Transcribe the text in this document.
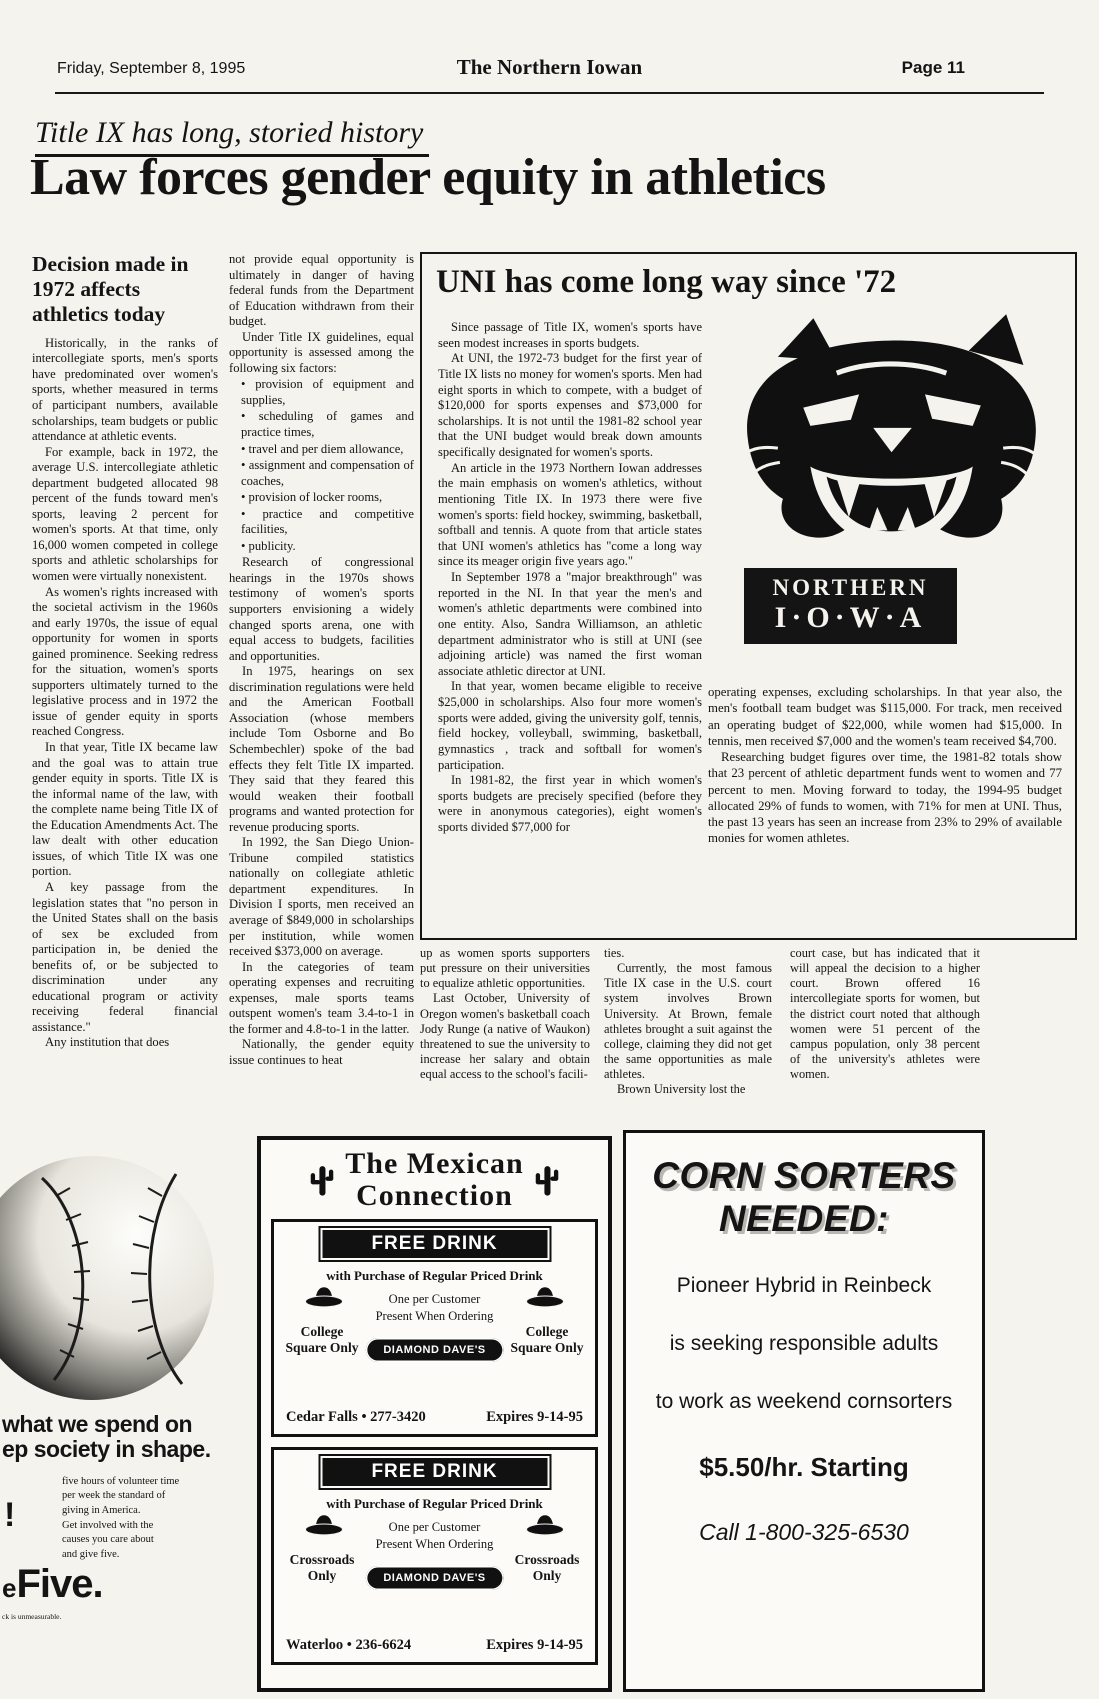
Friday, September 8, 1995	The Northern Iowan	Page 11
Title IX has long, storied history
Law forces gender equity in athletics
Decision made in 1972 affects athletics today

Historically, in the ranks of intercollegiate sports, men's sports have predominated over women's sports, whether measured in terms of participant numbers, available scholarships, team budgets or public attendance at athletic events.

For example, back in 1972, the average U.S. intercollegiate athletic department budgeted allocated 98 percent of the funds toward men's sports, leaving 2 percent for women's sports. At that time, only 16,000 women competed in college sports and athletic scholarships for women were virtually nonexistent.

As women's rights increased with the societal activism in the 1960s and early 1970s, the issue of equal opportunity for women in sports gained prominence. Seeking redress for the situation, women's sports supporters ultimately turned to the legislative process and in 1972 the issue of gender equity in sports reached Congress.

In that year, Title IX became law and the goal was to attain true gender equity in sports. Title IX is the informal name of the law, with the complete name being Title IX of the Education Amendments Act. The law dealt with other education issues, of which Title IX was one portion.

A key passage from the legislation states that "no person in the United States shall on the basis of sex be excluded from participation in, be denied the benefits of, or be subjected to discrimination under any educational program or activity receiving federal financial assistance."

Any institution that does

not provide equal opportunity is ultimately in danger of having federal funds from the Department of Education withdrawn from their budget.

Under Title IX guidelines, equal opportunity is assessed among the following six factors:

• provision of equipment and supplies,

• scheduling of games and practice times,

• travel and per diem allowance,

• assignment and compensation of coaches,

• provision of locker rooms,

• practice and competitive facilities,

• publicity.

Research of congressional hearings in the 1970s shows testimony of women's sports supporters envisioning a widely changed sports arena, one with equal access to budgets, facilities and opportunities.

In 1975, hearings on sex discrimination regulations were held and the American Football Association (whose members include Tom Osborne and Bo Schembechler) spoke of the bad effects they felt Title IX imparted. They said that they feared this would weaken their football programs and wanted protection for revenue producing sports.

In 1992, the San Diego Union-Tribune compiled statistics nationally on collegiate athletic department expenditures. In Division I sports, men received an average of $849,000 in scholarships per institution, while women received $373,000 on average.

In the categories of team operating expenses and recruiting expenses, male sports teams outspent women's team 3.4-to-1 in the former and 4.8-to-1 in the latter.

Nationally, the gender equity issue continues to heat

UNI has come long way since '72

Since passage of Title IX, women's sports have seen modest increases in sports budgets.

At UNI, the 1972-73 budget for the first year of Title IX lists no money for women's sports. Men had eight sports in which to compete, with a budget of $120,000 for sports expenses and $73,000 for scholarships. It is not until the 1981-82 school year that the UNI budget would break down amounts specifically designated for women's sports.

An article in the 1973 Northern Iowan addresses the main emphasis on women's athletics, without mentioning Title IX. In 1973 there were five women's sports: field hockey, swimming, basketball, softball and tennis. A quote from that article states that UNI women's athletics has "come a long way since its meager origin five years ago."

In September 1978 a "major breakthrough" was reported in the NI. In that year the men's and women's athletic departments were combined into one entity. Also, Sandra Williamson, an athletic department administrator who is still at UNI (see adjoining article) was named the first woman associate athletic director at UNI.

In that year, women became eligible to receive $25,000 in scholarships. Also four more women's sports were added, giving the university golf, tennis, field hockey, volleyball, swimming, basketball, gymnastics , track and softball for women's participation.

In 1981-82, the first year in which women's sports budgets are precisely specified (before they were in anonymous categories), eight women's sports divided $77,000 for

NORTHERN
I·O·W·A

operating expenses, excluding scholarships. In that year also, the men's football team budget was $115,000. For track, men received an operating budget of $22,000, while women had $15,000. In tennis, men received $7,000 and the women's team received $4,700.

Researching budget figures over time, the 1981-82 totals show that 23 percent of athletic department funds went to women and 77 percent to men. Moving forward to today, the 1994-95 budget allocated 29% of funds to women, with 71% for men at UNI. Thus, the past 13 years has seen an increase from 23% to 29% of available monies for women athletes.

up as women sports supporters put pressure on their universities to equalize athletic opportunities.

Last October, University of Oregon women's basketball coach Jody Runge (a native of Waukon) threatened to sue the university to increase her salary and obtain equal access to the school's facili-

ties.

Currently, the most famous Title IX case in the U.S. court system involves Brown University. At Brown, female athletes brought a suit against the college, claiming they did not get the same opportunities as male athletes.

Brown University lost the

court case, but has indicated that it will appeal the decision to a higher court. Brown offered 16 intercollegiate sports for women, but the district court noted that although women were 51 percent of the campus population, only 38 percent of the university's athletes were women.

what we spend on
ep society in shape.
!

five hours of volunteer time

per week the standard of

giving in America.

Get involved with the

causes you care about

and give five.

eFive.
ck is unmeasurable.
The Mexican
Connection
FREE DRINK
with Purchase of Regular Priced Drink
One per Customer
Present When Ordering
College Square Only
College Square Only
DIAMOND DAVE'S
Cedar Falls • 277-3420	Expires 9-14-95
FREE DRINK
with Purchase of Regular Priced Drink
One per Customer
Present When Ordering
Crossroads Only
Crossroads Only
DIAMOND DAVE'S
Waterloo • 236-6624	Expires 9-14-95
CORN SORTERS
NEEDED:
Pioneer Hybrid in Reinbeck
is seeking responsible adults
to work as weekend cornsorters
$5.50/hr. Starting
Call 1-800-325-6530
